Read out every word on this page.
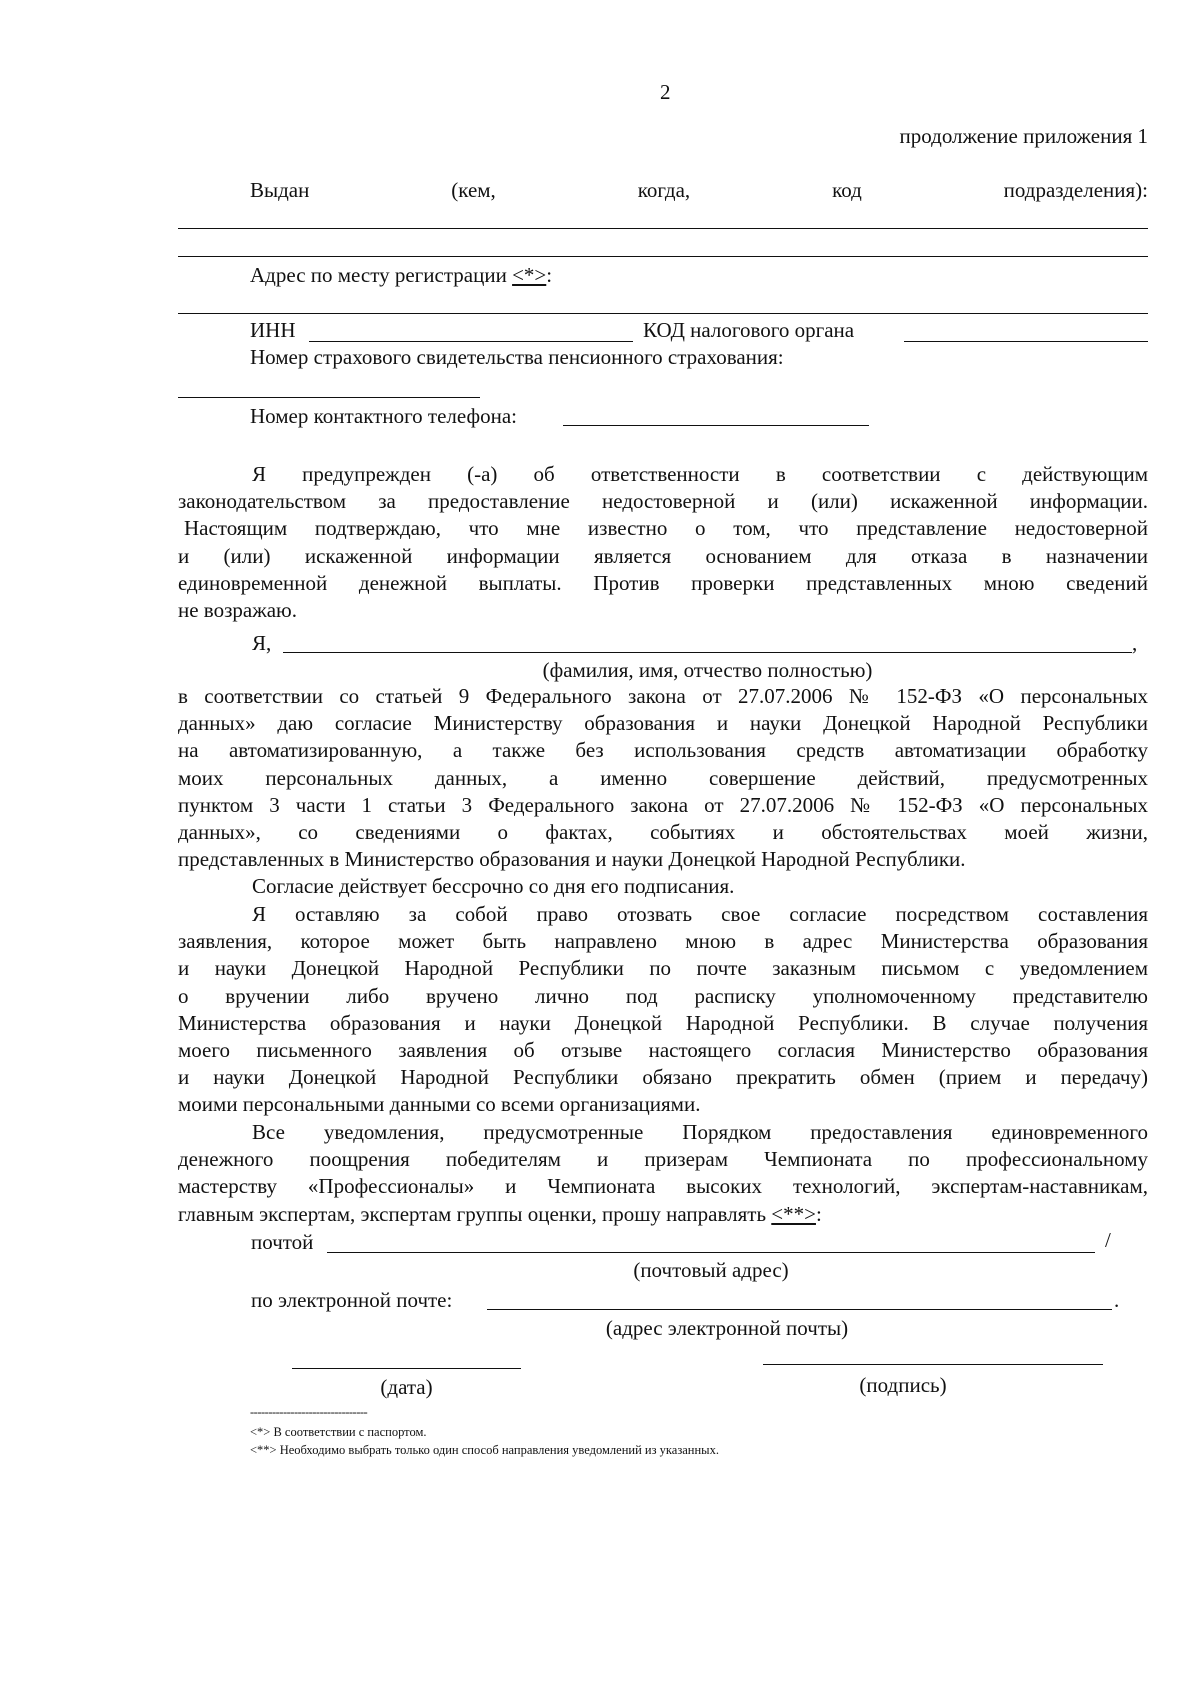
2
продолжение приложения 1
Выдан	(кем,	когда,	код	подразделения):
Адрес по месту регистрации <*>:
ИНН	КОД налогового органа
Номер страхового свидетельства пенсионного страхования:
Номер контактного телефона:
Я предупрежден (-а) об ответственности в соответствии с действующим
законодательством за предоставление недостоверной и (или) искаженной информации.
Настоящим подтверждаю, что мне известно о том, что представление недостоверной
и (или) искаженной информации является основанием для отказа в назначении
единовременной денежной выплаты. Против проверки представленных мною сведений
не возражаю.
Я,	,
(фамилия, имя, отчество полностью)
в соответствии со статьей 9 Федерального закона от 27.07.2006 № 152-ФЗ «О персональных
данных» даю согласие Министерству образования и науки Донецкой Народной Республики
на автоматизированную, а также без использования средств автоматизации обработку
моих персональных данных, а именно совершение действий, предусмотренных
пунктом 3 части 1 статьи 3 Федерального закона от 27.07.2006 № 152-ФЗ «О персональных
данных», со сведениями о фактах, событиях и обстоятельствах моей жизни,
представленных в Министерство образования и науки Донецкой Народной Республики.
Согласие действует бессрочно со дня его подписания.
Я оставляю за собой право отозвать свое согласие посредством составления
заявления, которое может быть направлено мною в адрес Министерства образования
и науки Донецкой Народной Республики по почте заказным письмом с уведомлением
о вручении либо вручено лично под расписку уполномоченному представителю
Министерства образования и науки Донецкой Народной Республики. В случае получения
моего письменного заявления об отзыве настоящего согласия Министерство образования
и науки Донецкой Народной Республики обязано прекратить обмен (прием и передачу)
моими персональными данными со всеми организациями.
Все уведомления, предусмотренные Порядком предоставления единовременного
денежного поощрения победителям и призерам Чемпионата по профессиональному
мастерству «Профессионалы» и Чемпионата высоких технологий, экспертам-наставникам,
главным экспертам, экспертам группы оценки, прошу направлять <**>:
почтой	/
(почтовый адрес)
по электронной почте:	.
(адрес электронной почты)
(дата)	(подпись)
--------------------------------
<*> В соответствии с паспортом.
<**> Необходимо выбрать только один способ направления уведомлений из указанных.
